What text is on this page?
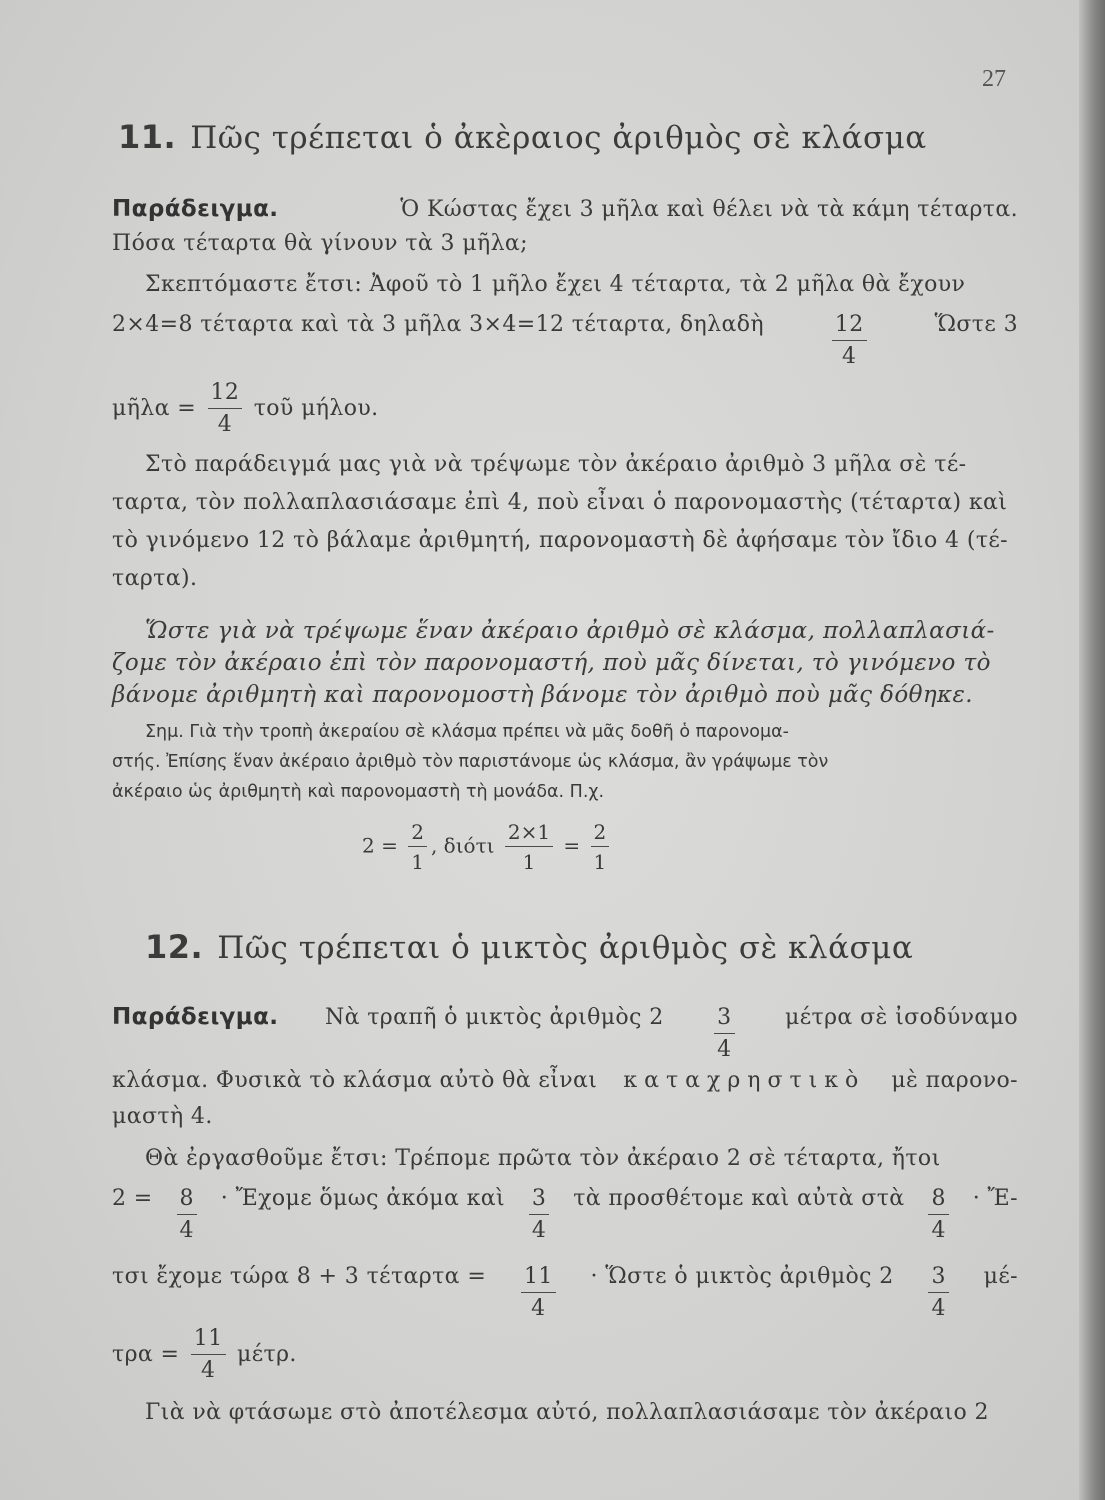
27
11. Πῶς τρέπεται ὁ ἀκὲραιος ἀριθμὸς σὲ κλάσμα
Παράδειγμα.	Ὁ Κώστας ἔχει 3 μῆλα καὶ θέλει νὰ τὰ κάμη τέταρτα.
Πόσα τέταρτα θὰ γίνουν τὰ 3 μῆλα;
Σκεπτόμαστε ἔτσι: Ἀφοῦ τὸ 1 μῆλο ἔχει 4 τέταρτα, τὰ 2 μῆλα θὰ ἔχουν
2⨯4=8 τέταρτα καὶ τὰ 3 μῆλα 3⨯4=12 τέταρτα, δηλαδὴ	$\frac{12}{4}$	Ὥστε 3
μῆλα = $\frac{12}{4}$ τοῦ μήλου.
Στὸ παράδειγμά μας γιὰ νὰ τρέψωμε τὸν ἀκέραιο ἀριθμὸ 3 μῆλα σὲ τέ-
ταρτα, τὸν πολλαπλασιάσαμε ἐπὶ 4, ποὺ εἶναι ὁ παρονομαστὴς (τέταρτα) καὶ
τὸ γινόμενο 12 τὸ βάλαμε ἀριθμητή, παρονομαστὴ δὲ ἀφήσαμε τὸν ἴδιο 4 (τέ-
ταρτα).
Ὥστε γιὰ νὰ τρέψωμε ἕναν ἀκέραιο ἀριθμὸ σὲ κλάσμα, πολλαπλασιά-
ζομε τὸν ἀκέραιο ἐπὶ τὸν παρονομαστή, ποὺ μᾶς δίνεται, τὸ γινόμενο τὸ
βάνομε ἀριθμητὴ καὶ παρονομοστὴ βάνομε τὸν ἀριθμὸ ποὺ μᾶς δόθηκε.
Σημ. Γιὰ τὴν τροπὴ ἀκεραίου σὲ κλάσμα πρέπει νὰ μᾶς δοθῆ ὁ παρονομα-
στής. Ἐπίσης ἕναν ἀκέραιο ἀριθμὸ τὸν παριστάνομε ὡς κλάσμα, ἂν γράψωμε τὸν
ἀκέραιο ὡς ἀριθμητὴ καὶ παρονομαστὴ τὴ μονάδα. Π.χ.
$2 = \frac{2}{1}$ , διότι $\frac{2⨯1}{1} = \frac{2}{1}$
12. Πῶς τρέπεται ὁ μικτὸς ἀριθμὸς σὲ κλάσμα
Παράδειγμα. Νὰ τραπῆ ὁ μικτὸς ἀριθμὸς $2 \frac{3}{4}$ μέτρα σὲ ἰσοδύναμο
κλάσμα. Φυσικὰ τὸ κλάσμα αὐτὸ θὰ εἶναι καταχρηστικὸ μὲ παρονο-
μαστὴ 4.
Θὰ ἐργασθοῦμε ἔτσι: Τρέπομε πρῶτα τὸν ἀκέραιο 2 σὲ τέταρτα, ἤτοι
$2 = \frac{8}{4}$ · Ἔχομε ὅμως ἀκόμα καὶ $\frac{3}{4}$ τὰ προσθέτομε καὶ αὐτὰ στὰ $\frac{8}{4}$ · Ἔ-
τσι ἔχομε τώρα 8 + 3 $\tau έ\tau\alpha\rho\tau\alpha = \frac{11}{4}$ · Ὥστε ὁ μικτὸς ἀριθμὸς $2 \frac{3}{4} \mu έ-$
$\tau\rho\alpha = \frac{11}{4} \mu έ\tau\rho$.
Γιὰ νὰ φτάσωμε στὸ ἀποτέλεσμα αὐτό, πολλαπλασιάσαμε τὸν ἀκέραιο 2
